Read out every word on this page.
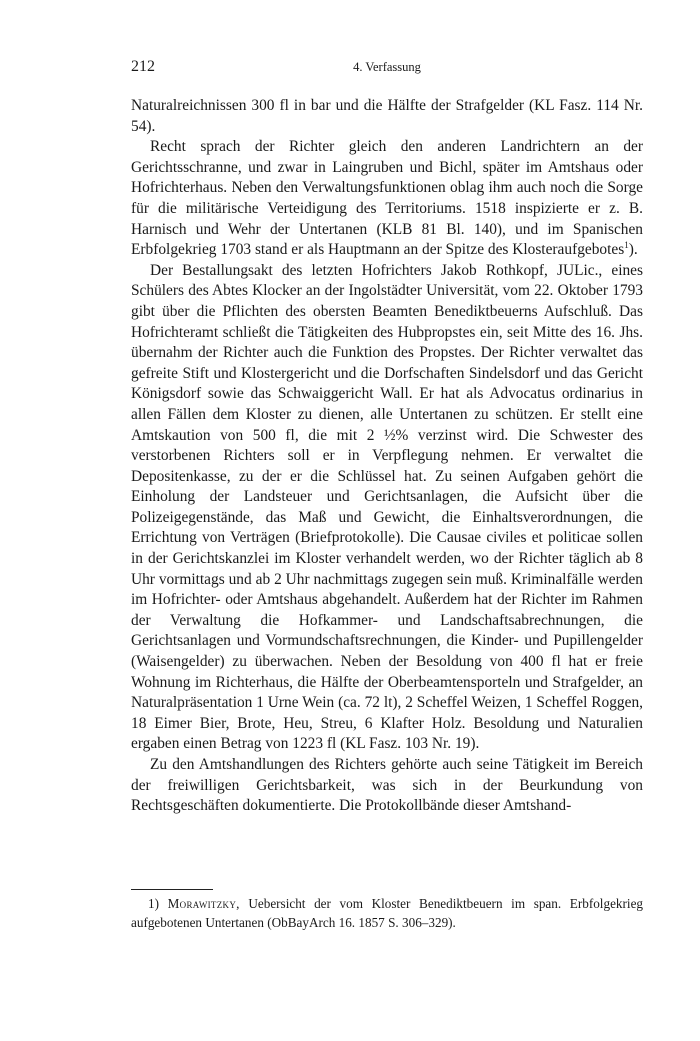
212	4. Verfassung

Naturalreichnissen 300 fl in bar und die Hälfte der Strafgelder (KL Fasz. 114 Nr. 54).

Recht sprach der Richter gleich den anderen Landrichtern an der Gerichtsschranne, und zwar in Laingruben und Bichl, später im Amtshaus oder Hofrichterhaus. Neben den Verwaltungsfunktionen oblag ihm auch noch die Sorge für die militärische Verteidigung des Territoriums. 1518 inspizierte er z. B. Harnisch und Wehr der Untertanen (KLB 81 Bl. 140), und im Spanischen Erbfolgekrieg 1703 stand er als Hauptmann an der Spitze des Klosteraufgebotes$^1$).

Der Bestallungsakt des letzten Hofrichters Jakob Rothkopf, JULic., eines Schülers des Abtes Klocker an der Ingolstädter Universität, vom 22. Oktober 1793 gibt über die Pflichten des obersten Beamten Benediktbeuerns Aufschluß. Das Hofrichteramt schließt die Tätigkeiten des Hubpropstes ein, seit Mitte des 16. Jhs. übernahm der Richter auch die Funktion des Propstes. Der Richter verwaltet das gefreite Stift und Klostergericht und die Dorfschaften Sindelsdorf und das Gericht Königsdorf sowie das Schwaiggericht Wall. Er hat als Advocatus ordinarius in allen Fällen dem Kloster zu dienen, alle Untertanen zu schützen. Er stellt eine Amtskaution von 500 fl, die mit 2 ½% verzinst wird. Die Schwester des verstorbenen Richters soll er in Verpflegung nehmen. Er verwaltet die Depositenkasse, zu der er die Schlüssel hat. Zu seinen Aufgaben gehört die Einholung der Landsteuer und Gerichtsanlagen, die Aufsicht über die Polizeigegenstände, das Maß und Gewicht, die Einhaltsverordnungen, die Errichtung von Verträgen (Briefprotokolle). Die Causae civiles et politicae sollen in der Gerichtskanzlei im Kloster verhandelt werden, wo der Richter täglich ab 8 Uhr vormittags und ab 2 Uhr nachmittags zugegen sein muß. Kriminalfälle werden im Hofrichter- oder Amtshaus abgehandelt. Außerdem hat der Richter im Rahmen der Verwaltung die Hofkammer- und Landschaftsabrechnungen, die Gerichtsanlagen und Vormundschaftsrechnungen, die Kinder- und Pupillengelder (Waisengelder) zu überwachen. Neben der Besoldung von 400 fl hat er freie Wohnung im Richterhaus, die Hälfte der Oberbeamtensporteln und Strafgelder, an Naturalpräsentation 1 Urne Wein (ca. 72 lt), 2 Scheffel Weizen, 1 Scheffel Roggen, 18 Eimer Bier, Brote, Heu, Streu, 6 Klafter Holz. Besoldung und Naturalien ergaben einen Betrag von 1223 fl (KL Fasz. 103 Nr. 19).

Zu den Amtshandlungen des Richters gehörte auch seine Tätigkeit im Bereich der freiwilligen Gerichtsbarkeit, was sich in der Beurkundung von Rechtsgeschäften dokumentierte. Die Protokollbände dieser Amtshand-

1) Morawitzky, Uebersicht der vom Kloster Benediktbeuern im span. Erbfolgekrieg aufgebotenen Untertanen (ObBayArch 16. 1857 S. 306–329).
